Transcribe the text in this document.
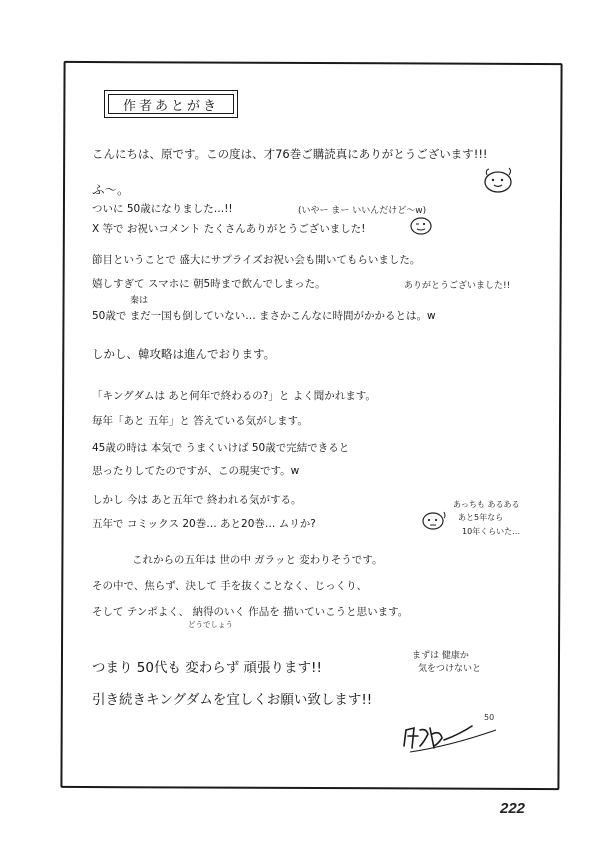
作者あとがき
こんにちは、原です。この度は、才76巻ご購読真にありがとうございます!!!
ふ〜。
ついに 50歳になりました…!!	(いやー まー いいんだけど〜w)
X 等で お祝いコメント たくさんありがとうございました!
節目ということで 盛大にサプライズお祝い会も開いてもらいました。
嬉しすぎて スマホに 朝5時まで飲んでしまった。	ありがとうございました!!
秦は
50歳で まだ一国も倒していない… まさかこんなに時間がかかるとは。w
しかし、韓攻略は進んでおります。
「キングダムは あと何年で終わるの?」と よく聞かれます。
毎年「あと 五年」と 答えている気がします。
45歳の時は 本気で うまくいけば 50歳で完結できると
思ったりしてたのですが、この現実です。w
しかし 今は あと五年で 終われる気がする。
五年で コミックス 20巻… あと20巻… ムリか?
あっちも あるある
あと5年なら
10年くらいた…
これからの五年は 世の中 ガラッと 変わりそうです。
その中で、焦らず、決して 手を抜くことなく、じっくり、
そして テンポよく、 納得のいく 作品を 描いていこうと思います。
どうでしょう
まずは 健康か
気をつけないと
つまり 50代も 変わらず 頑張ります!!
引き続きキングダムを宜しくお願い致します!!
50
222
